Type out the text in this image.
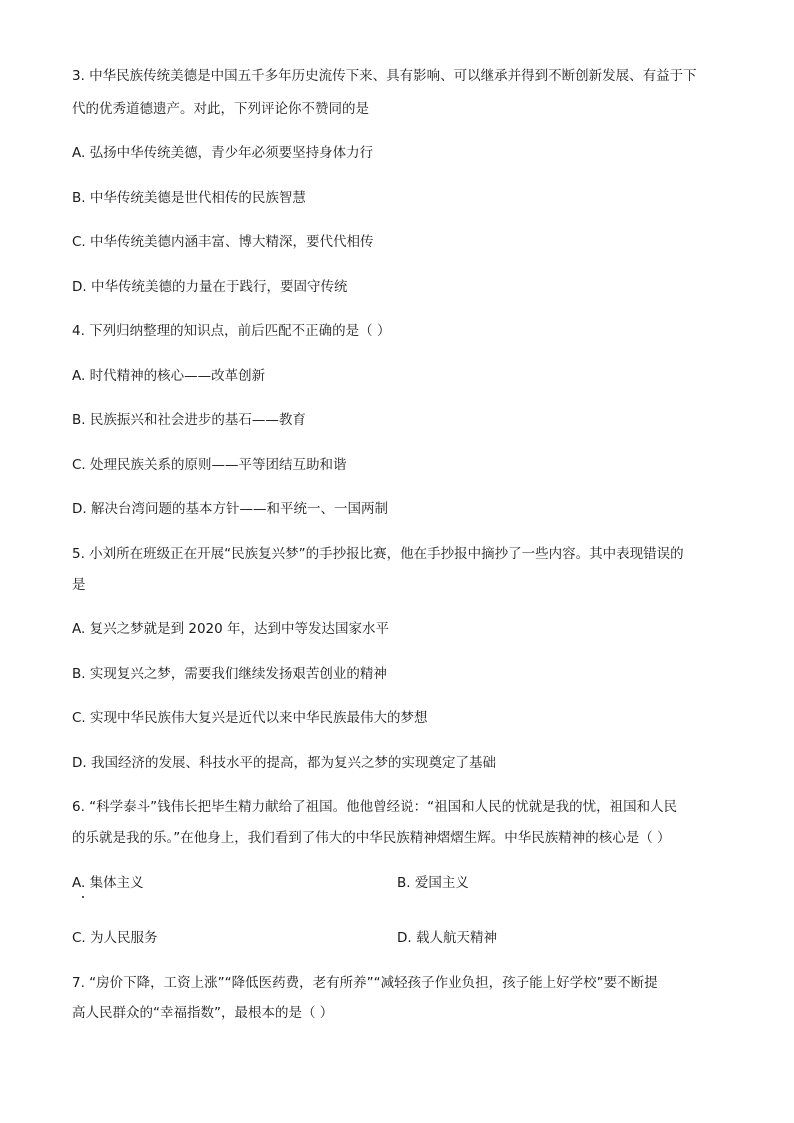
3. 中华民族传统美德是中国五千多年历史流传下来、具有影响、可以继承并得到不断创新发展、有益于下
代的优秀道德遗产。对此，下列评论你不赞同的是
A. 弘扬中华传统美德，青少年必须要坚持身体力行
B. 中华传统美德是世代相传的民族智慧
C. 中华传统美德内涵丰富、博大精深，要代代相传
D. 中华传统美德的力量在于践行，要固守传统
4. 下列归纳整理的知识点，前后匹配不正确的是（ ）
A. 时代精神的核心——改革创新
B. 民族振兴和社会进步的基石——教育
C. 处理民族关系的原则——平等团结互助和谐
D. 解决台湾问题的基本方针——和平统一、一国两制
5. 小刘所在班级正在开展“民族复兴梦”的手抄报比赛，他在手抄报中摘抄了一些内容。其中表现错误的
是
A. 复兴之梦就是到 2020 年，达到中等发达国家水平
B. 实现复兴之梦，需要我们继续发扬艰苦创业的精神
C. 实现中华民族伟大复兴是近代以来中华民族最伟大的梦想
D. 我国经济的发展、科技水平的提高，都为复兴之梦的实现奠定了基础
6. “科学泰斗”钱伟长把毕生精力献给了祖国。他他曾经说：“祖国和人民的忧就是我的忧，祖国和人民
的乐就是我的乐。”在他身上，我们看到了伟大的中华民族精神熠熠生辉。中华民族精神的核心是（ ）
A. 集体主义	B. 爱国主义
C. 为人民服务	D. 载人航天精神
7. “房价下降，工资上涨”“降低医药费，老有所养”“减轻孩子作业负担，孩子能上好学校”要不断提
高人民群众的“幸福指数”，最根本的是（ ）
